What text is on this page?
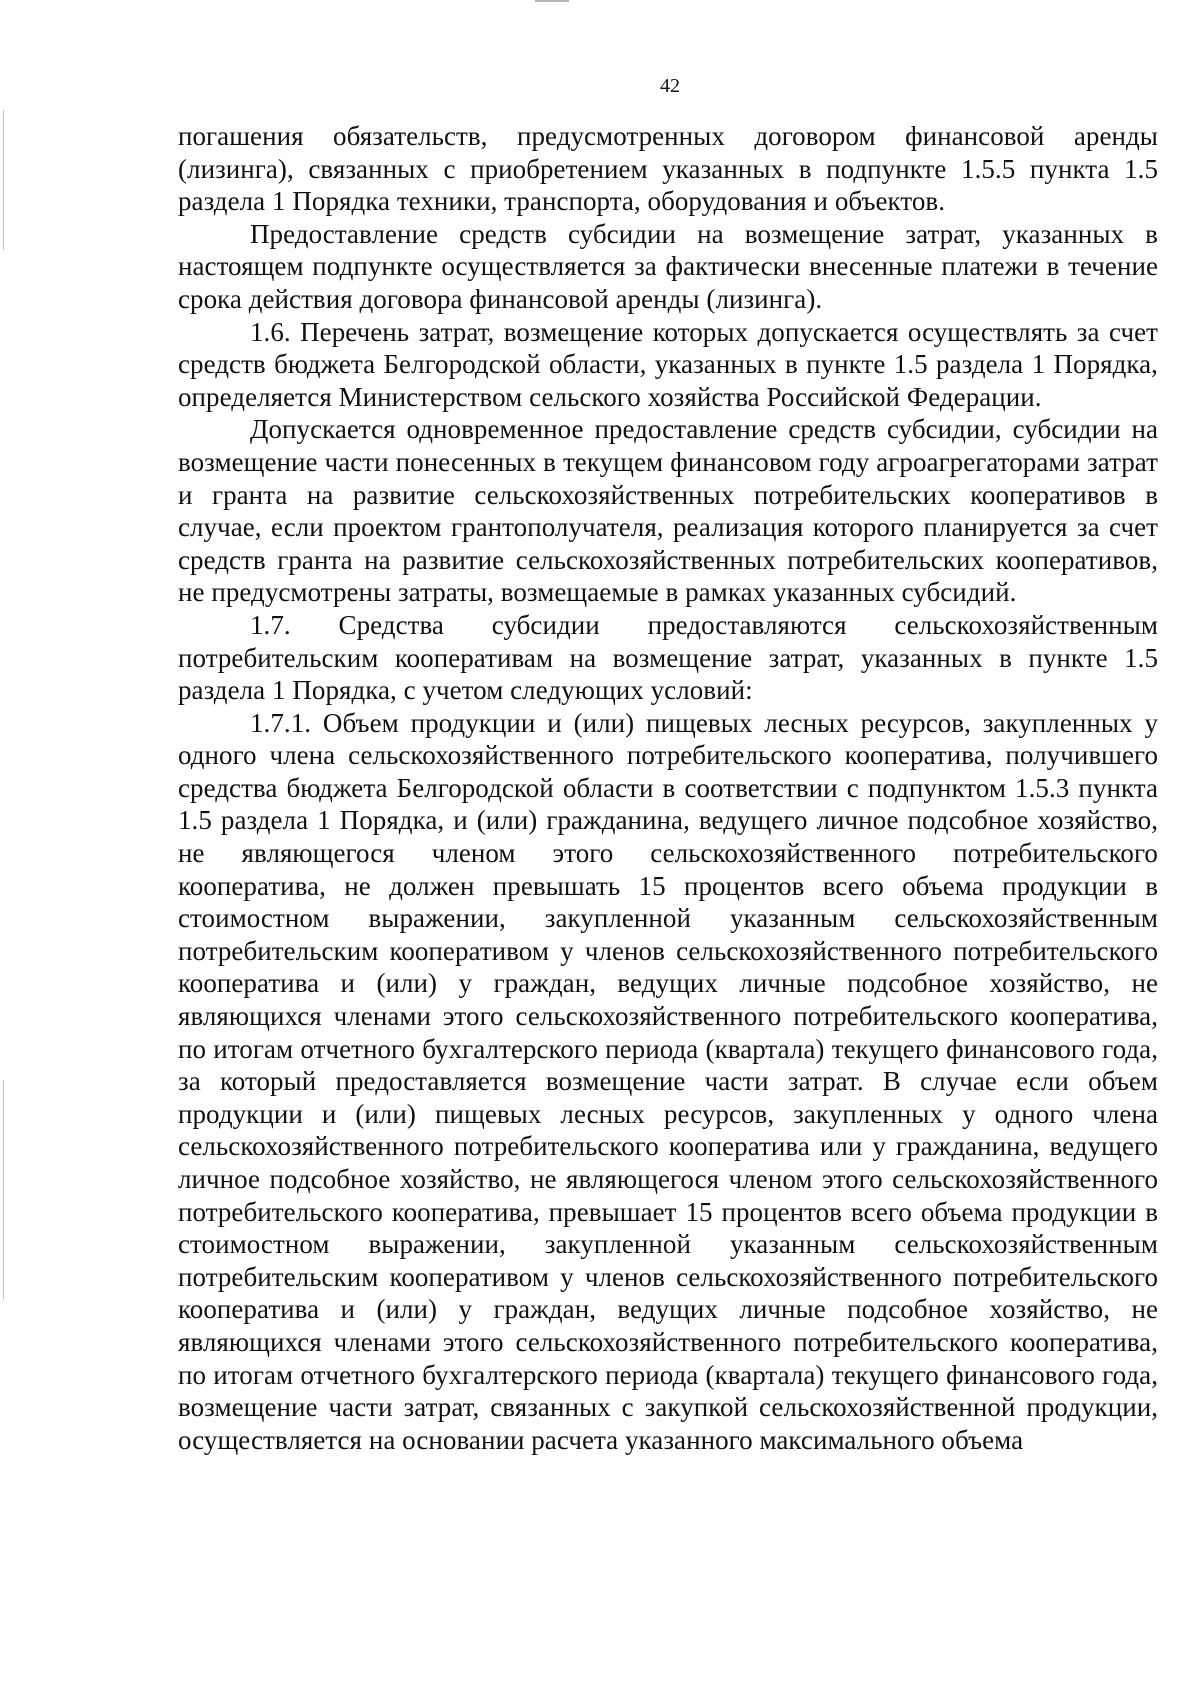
42

погашения обязательств, предусмотренных договором финансовой аренды (лизинга), связанных с приобретением указанных в подпункте 1.5.5 пункта 1.5 раздела 1 Порядка техники, транспорта, оборудования и объектов.

Предоставление средств субсидии на возмещение затрат, указанных в настоящем подпункте осуществляется за фактически внесенные платежи в течение срока действия договора финансовой аренды (лизинга).

1.6. Перечень затрат, возмещение которых допускается осуществлять за счет средств бюджета Белгородской области, указанных в пункте 1.5 раздела 1 Порядка, определяется Министерством сельского хозяйства Российской Федерации.

Допускается одновременное предоставление средств субсидии, субсидии на возмещение части понесенных в текущем финансовом году агроагрегаторами затрат и гранта на развитие сельскохозяйственных потребительских кооперативов в случае, если проектом грантополучателя, реализация которого планируется за счет средств гранта на развитие сельскохозяйственных потребительских кооперативов, не предусмотрены затраты, возмещаемые в рамках указанных субсидий.

1.7. Средства субсидии предоставляются сельскохозяйственным потребительским кооперативам на возмещение затрат, указанных в пункте 1.5 раздела 1 Порядка, с учетом следующих условий:

1.7.1. Объем продукции и (или) пищевых лесных ресурсов, закупленных у одного члена сельскохозяйственного потребительского кооператива, получившего средства бюджета Белгородской области в соответствии с подпунктом 1.5.3 пункта 1.5 раздела 1 Порядка, и (или) гражданина, ведущего личное подсобное хозяйство, не являющегося членом этого сельскохозяйственного потребительского кооператива, не должен превышать 15 процентов всего объема продукции в стоимостном выражении, закупленной указанным сельскохозяйственным потребительским кооперативом у членов сельскохозяйственного потребительского кооператива и (или) у граждан, ведущих личные подсобное хозяйство, не являющихся членами этого сельскохозяйственного потребительского кооператива, по итогам отчетного бухгалтерского периода (квартала) текущего финансового года, за который предоставляется возмещение части затрат. В случае если объем продукции и (или) пищевых лесных ресурсов, закупленных у одного члена сельскохозяйственного потребительского кооператива или у гражданина, ведущего личное подсобное хозяйство, не являющегося членом этого сельскохозяйственного потребительского кооператива, превышает 15 процентов всего объема продукции в стоимостном выражении, закупленной указанным сельскохозяйственным потребительским кооперативом у членов сельскохозяйственного потребительского кооператива и (или) у граждан, ведущих личные подсобное хозяйство, не являющихся членами этого сельскохозяйственного потребительского кооператива, по итогам отчетного бухгалтерского периода (квартала) текущего финансового года, возмещение части затрат, связанных с закупкой сельскохозяйственной продукции, осуществляется на основании расчета указанного максимального объема
